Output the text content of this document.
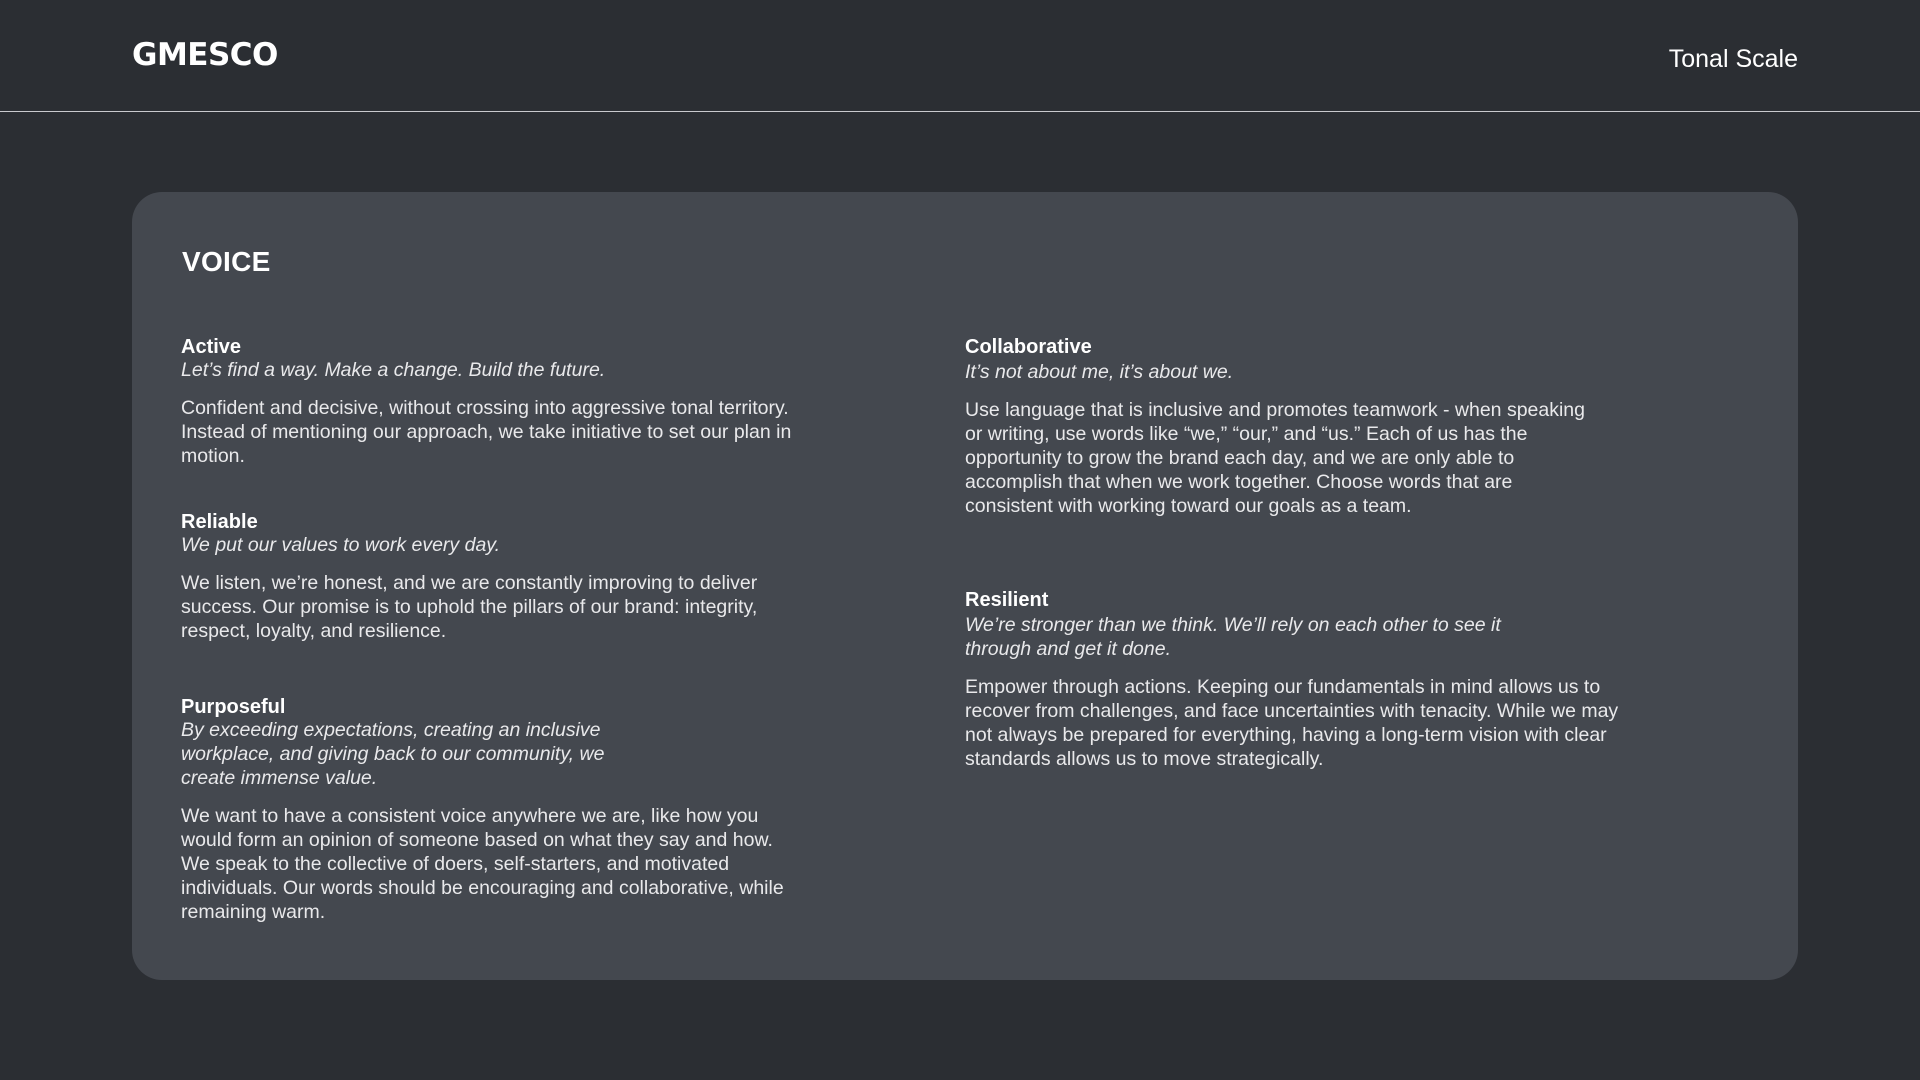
GMESCO	Tonal Scale
VOICE

Active

Let’s find a way. Make a change. Build the future.

Confident and decisive, without crossing into aggressive tonal territory. Instead of mentioning our approach, we take initiative to set our plan in motion.

Reliable

We put our values to work every day.

We listen, we’re honest, and we are constantly improving to deliver success. Our promise is to uphold the pillars of our brand: integrity, respect, loyalty, and resilience.

Purposeful

By exceeding expectations, creating an inclusive workplace, and giving back to our community, we create immense value.

We want to have a consistent voice anywhere we are, like how you would form an opinion of someone based on what they say and how. We speak to the collective of doers, self-starters, and motivated individuals. Our words should be encouraging and collaborative, while remaining warm.

Collaborative

It’s not about me, it’s about we.

Use language that is inclusive and promotes teamwork - when speaking or writing, use words like “we,” “our,” and “us.” Each of us has the opportunity to grow the brand each day, and we are only able to accomplish that when we work together. Choose words that are consistent with working toward our goals as a team.

Resilient

We’re stronger than we think. We’ll rely on each other to see it through and get it done.

Empower through actions. Keeping our fundamentals in mind allows us to recover from challenges, and face uncertainties with tenacity. While we may not always be prepared for everything, having a long-term vision with clear standards allows us to move strategically.
